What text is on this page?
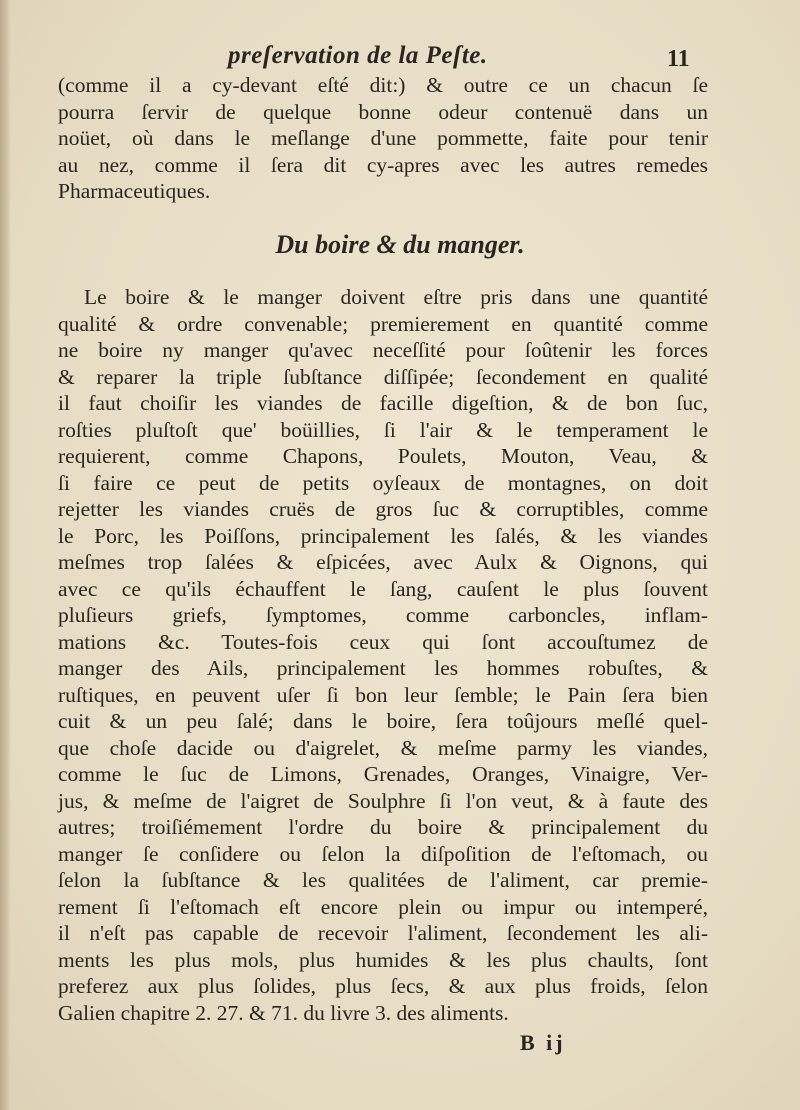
preſervation de la Peſte.	11
(comme il a cy-devant eſté dit:) & outre ce un chacun ſe
pourra ſervir de quelque bonne odeur contenuë dans un
noüet, où dans le meſlange d'une pommette, faite pour tenir
au nez, comme il ſera dit cy-apres avec les autres remedes
Pharmaceutiques.
Du boire & du manger.
Le boire & le manger doivent eſtre pris dans une quantité
qualité & ordre convenable; premierement en quantité comme
ne boire ny manger qu'avec neceſſité pour ſoûtenir les forces
& reparer la triple ſubſtance diſſipée; ſecondement en qualité
il faut choiſir les viandes de facille digeſtion, & de bon ſuc,
roſties pluſtoſt que' boüillies, ſi l'air & le temperament le
requierent, comme Chapons, Poulets, Mouton, Veau, &
ſi faire ce peut de petits oyſeaux de montagnes, on doit
rejetter les viandes cruës de gros ſuc & corruptibles, comme
le Porc, les Poiſſons, principalement les ſalés, & les viandes
meſmes trop ſalées & eſpicées, avec Aulx & Oignons, qui
avec ce qu'ils échauffent le ſang, cauſent le plus ſouvent
pluſieurs griefs, ſymptomes, comme carboncles, inflam-
mations &c. Toutes-fois ceux qui ſont accouſtumez de
manger des Ails, principalement les hommes robuſtes, &
ruſtiques, en peuvent uſer ſi bon leur ſemble; le Pain ſera bien
cuit & un peu ſalé; dans le boire, ſera toûjours meſlé quel-
que choſe dacide ou d'aigrelet, & meſme parmy les viandes,
comme le ſuc de Limons, Grenades, Oranges, Vinaigre, Ver-
jus, & meſme de l'aigret de Soulphre ſi l'on veut, & à faute des
autres; troiſiémement l'ordre du boire & principalement du
manger ſe conſidere ou ſelon la diſpoſition de l'eſtomach, ou
ſelon la ſubſtance & les qualitées de l'aliment, car premie-
rement ſi l'eſtomach eſt encore plein ou impur ou intemperé,
il n'eſt pas capable de recevoir l'aliment, ſecondement les ali-
ments les plus mols, plus humides & les plus chaults, ſont
preferez aux plus ſolides, plus ſecs, & aux plus froids, ſelon
Galien chapitre 2. 27. & 71. du livre 3. des aliments.
B ij
